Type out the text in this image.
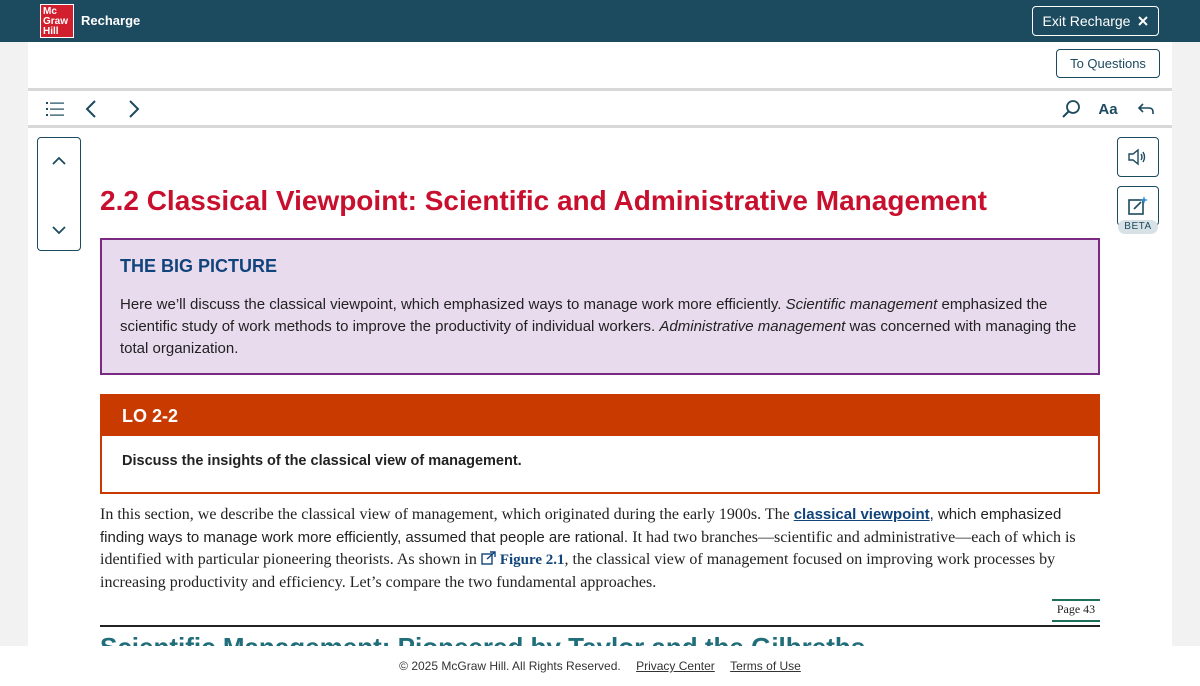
Mc
Graw
Hill
Recharge	Exit Recharge
To Questions
Aa
BETA
2.2 Classical Viewpoint: Scientific and Administrative Management
THE BIG PICTURE

Here we’ll discuss the classical viewpoint, which emphasized ways to manage work more efficiently. Scientific management emphasized the scientific study of work methods to improve the productivity of individual workers. Administrative management was concerned with managing the total organization.

LO 2-2
Discuss the insights of the classical view of management.

In this section, we describe the classical view of management, which originated during the early 1900s. The classical viewpoint, which emphasized finding ways to manage work more efficiently, assumed that people are rational. It had two branches—scientific and administrative—each of which is identified with particular pioneering theorists. As shown in Figure 2.1, the classical view of management focused on improving work processes by increasing productivity and efficiency. Let’s compare the two fundamental approaches.

Page 43
© 2025 McGraw Hill. All Rights Reserved. Privacy Center Terms of Use
